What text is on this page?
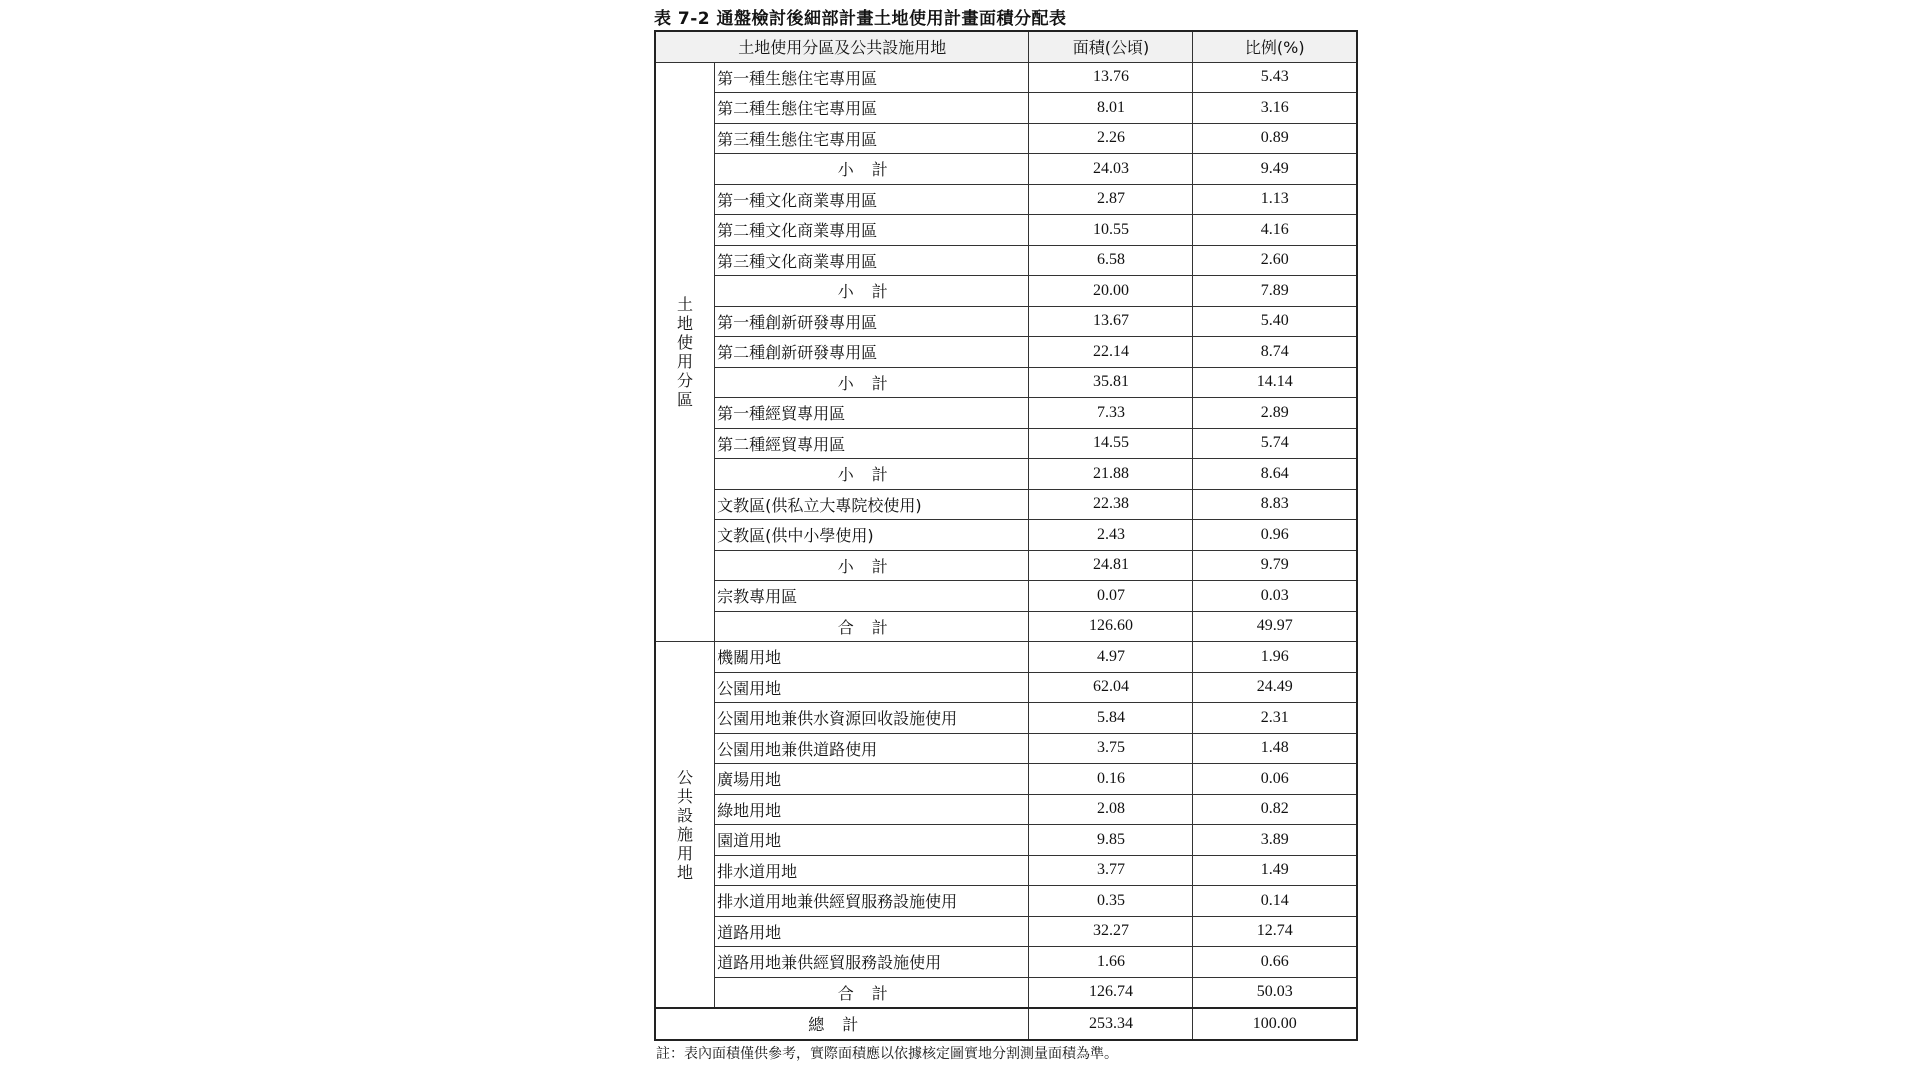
表 7-2 通盤檢討後細部計畫土地使用計畫面積分配表
土地使用分區及公共設施用地		面積(公頃)	比例(%)
土地使用分區	第一種生態住宅專用區	13.76	5.43
	第二種生態住宅專用區	8.01	3.16
	第三種生態住宅專用區	2.26	0.89
	小計	24.03	9.49
	第一種文化商業專用區	2.87	1.13
	第二種文化商業專用區	10.55	4.16
	第三種文化商業專用區	6.58	2.60
	小計	20.00	7.89
	第一種創新研發專用區	13.67	5.40
	第二種創新研發專用區	22.14	8.74
	小計	35.81	14.14
	第一種經貿專用區	7.33	2.89
	第二種經貿專用區	14.55	5.74
	小計	21.88	8.64
	文教區(供私立大專院校使用)	22.38	8.83
	文教區(供中小學使用)	2.43	0.96
	小計	24.81	9.79
	宗教專用區	0.07	0.03
	合計	126.60	49.97
公共設施用地	機關用地	4.97	1.96
	公園用地	62.04	24.49
	公園用地兼供水資源回收設施使用	5.84	2.31
	公園用地兼供道路使用	3.75	1.48
	廣場用地	0.16	0.06
	綠地用地	2.08	0.82
	園道用地	9.85	3.89
	排水道用地	3.77	1.49
	排水道用地兼供經貿服務設施使用	0.35	0.14
	道路用地	32.27	12.74
	道路用地兼供經貿服務設施使用	1.66	0.66
	合計	126.74	50.03
總計		253.34	100.00
註：表內面積僅供參考，實際面積應以依據核定圖實地分割測量面積為準。
